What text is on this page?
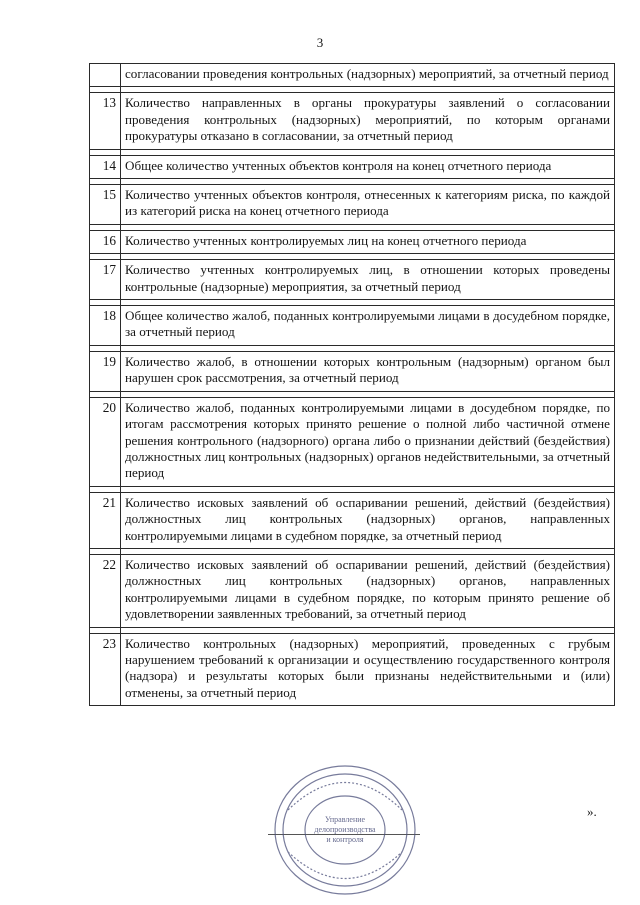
3
	согласовании проведения контрольных (надзорных) мероприятий, за отчетный период

13	Количество направленных в органы прокуратуры заявлений о согласовании проведения контрольных (надзорных) мероприятий, по которым органами прокуратуры отказано в согласовании, за отчетный период

14	Общее количество учтенных объектов контроля на конец отчетного периода

15	Количество учтенных объектов контроля, отнесенных к категориям риска, по каждой из категорий риска на конец отчетного периода

16	Количество учтенных контролируемых лиц на конец отчетного периода

17	Количество учтенных контролируемых лиц, в отношении которых проведены контрольные (надзорные) мероприятия, за отчетный период

18	Общее количество жалоб, поданных контролируемыми лицами в досудебном порядке, за отчетный период

19	Количество жалоб, в отношении которых контрольным (надзорным) органом был нарушен срок рассмотрения, за отчетный период

20	Количество жалоб, поданных контролируемыми лицами в досудебном порядке, по итогам рассмотрения которых принято решение о полной либо частичной отмене решения контрольного (надзорного) органа либо о признании действий (бездействия) должностных лиц контрольных (надзорных) органов недействительными, за отчетный период

21	Количество исковых заявлений об оспаривании решений, действий (бездействия) должностных лиц контрольных (надзорных) органов, направленных контролируемыми лицами в судебном порядке, за отчетный период

22	Количество исковых заявлений об оспаривании решений, действий (бездействия) должностных лиц контрольных (надзорных) органов, направленных контролируемыми лицами в судебном порядке, по которым принято решение об удовлетворении заявленных требований, за отчетный период

23	Количество контрольных (надзорных) мероприятий, проведенных с грубым нарушением требований к организации и осуществлению государственного контроля (надзора) и результаты которых были признаны недействительными и (или) отменены, за отчетный период
Управление
делопроизводства
и контроля
».
